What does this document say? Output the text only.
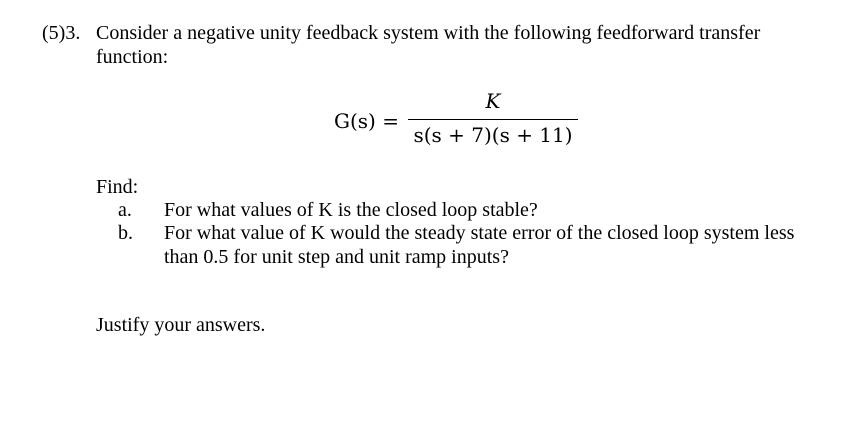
(5)3. Consider a negative unity feedback system with the following feedforward transfer function:
G(s) =
K
s(s + 7)(s + 11)
Find:
a. For what values of K is the closed loop stable?
b. For what value of K would the steady state error of the closed loop system less than 0.5 for unit step and unit ramp inputs?
Justify your answers.
